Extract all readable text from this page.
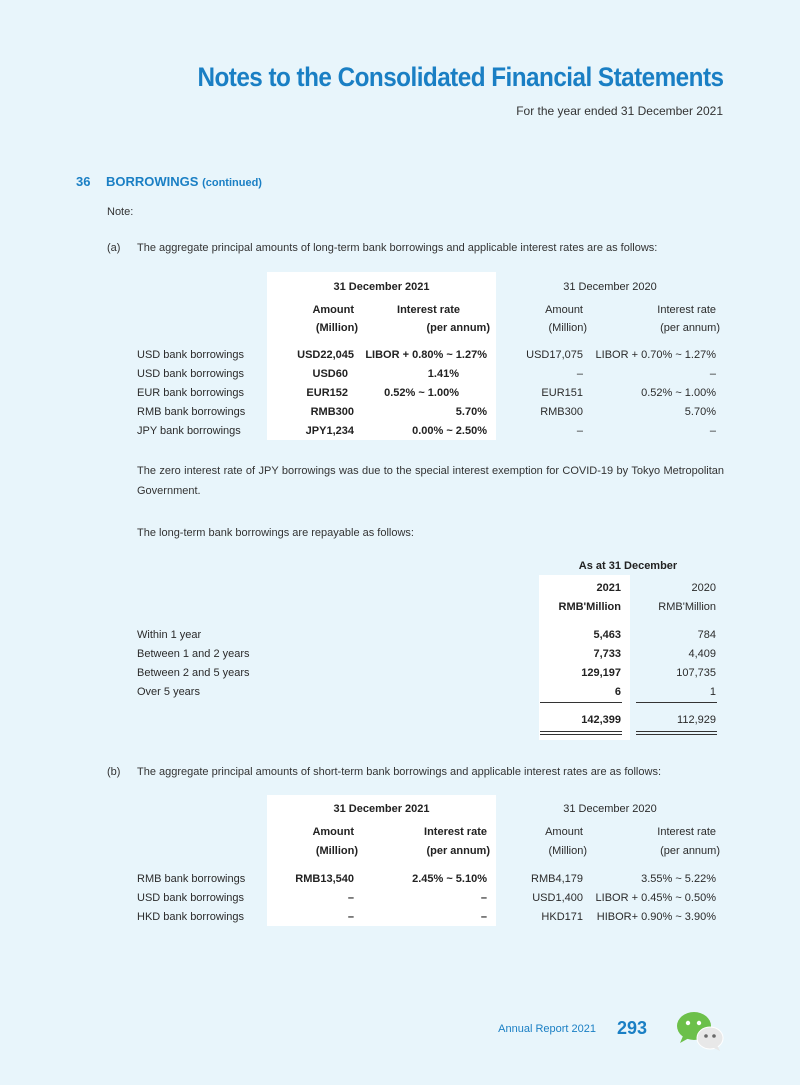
Notes to the Consolidated Financial Statements
For the year ended 31 December 2021
36 BORROWINGS (continued)
Note:
(a) The aggregate principal amounts of long-term bank borrowings and applicable interest rates are as follows:
31 December 2021	31 December 2020
Amount	Interest rate	Amount	Interest rate
(Million)	(per annum)	(Million)	(per annum)
USD bank borrowings	USD22,045	LIBOR + 0.80% ~ 1.27%	USD17,075	LIBOR + 0.70% ~ 1.27%
USD bank borrowings	USD60	1.41%	–	–
EUR bank borrowings	EUR152	0.52% ~ 1.00%	EUR151	0.52% ~ 1.00%
RMB bank borrowings	RMB300	5.70%	RMB300	5.70%
JPY bank borrowings	JPY1,234	0.00% ~ 2.50%	–	–
The zero interest rate of JPY borrowings was due to the special interest exemption for COVID-19 by Tokyo Metropolitan Government.
The long-term bank borrowings are repayable as follows:
As at 31 December
2021	2020
RMB'Million	RMB'Million
Within 1 year	5,463	784
Between 1 and 2 years	7,733	4,409
Between 2 and 5 years	129,197	107,735
Over 5 years	6	1
142,399	112,929
(b) The aggregate principal amounts of short-term bank borrowings and applicable interest rates are as follows:
31 December 2021	31 December 2020
Amount	Interest rate	Amount	Interest rate
(Million)	(per annum)	(Million)	(per annum)
RMB bank borrowings	RMB13,540	2.45% ~ 5.10%	RMB4,179	3.55% ~ 5.22%
USD bank borrowings	–	–	USD1,400	LIBOR + 0.45% ~ 0.50%
HKD bank borrowings	–	–	HKD171	HIBOR+ 0.90% ~ 3.90%
Annual Report 2021 293
